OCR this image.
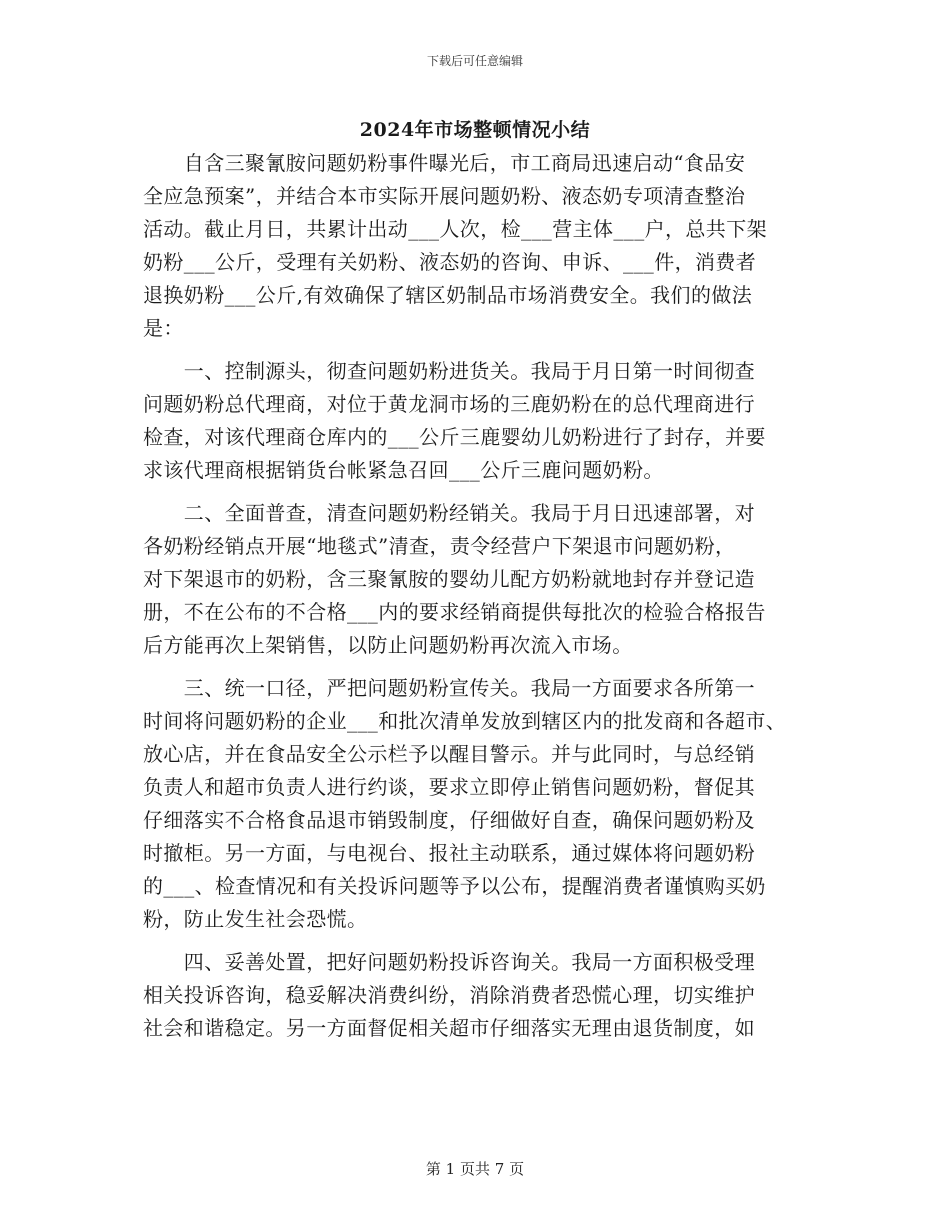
下载后可任意编辑
2024年市场整顿情况小结
　　自含三聚氰胺问题奶粉事件曝光后，市工商局迅速启动“食品安
全应急预案”，并结合本市实际开展问题奶粉、液态奶专项清查整治
活动。截止月日，共累计出动___人次，检___营主体___户，总共下架
奶粉___公斤，受理有关奶粉、液态奶的咨询、申诉、___件，消费者
退换奶粉___公斤,有效确保了辖区奶制品市场消费安全。我们的做法
是：
　　一、控制源头，彻查问题奶粉进货关。我局于月日第一时间彻查
问题奶粉总代理商，对位于黄龙洞市场的三鹿奶粉在的总代理商进行
检查，对该代理商仓库内的___公斤三鹿婴幼儿奶粉进行了封存，并要
求该代理商根据销货台帐紧急召回___公斤三鹿问题奶粉。
　　二、全面普查，清查问题奶粉经销关。我局于月日迅速部署，对
各奶粉经销点开展“地毯式”清查，责令经营户下架退市问题奶粉，
对下架退市的奶粉，含三聚氰胺的婴幼儿配方奶粉就地封存并登记造
册，不在公布的不合格___内的要求经销商提供每批次的检验合格报告
后方能再次上架销售，以防止问题奶粉再次流入市场。
　　三、统一口径，严把问题奶粉宣传关。我局一方面要求各所第一
时间将问题奶粉的企业___和批次清单发放到辖区内的批发商和各超市、
放心店，并在食品安全公示栏予以醒目警示。并与此同时，与总经销
负责人和超市负责人进行约谈，要求立即停止销售问题奶粉，督促其
仔细落实不合格食品退市销毁制度，仔细做好自查，确保问题奶粉及
时撤柜。另一方面，与电视台、报社主动联系，通过媒体将问题奶粉
的___、检查情况和有关投诉问题等予以公布，提醒消费者谨慎购买奶
粉，防止发生社会恐慌。
　　四、妥善处置，把好问题奶粉投诉咨询关。我局一方面积极受理
相关投诉咨询，稳妥解决消费纠纷，消除消费者恐慌心理，切实维护
社会和谐稳定。另一方面督促相关超市仔细落实无理由退货制度，如
第 1 页共 7 页
